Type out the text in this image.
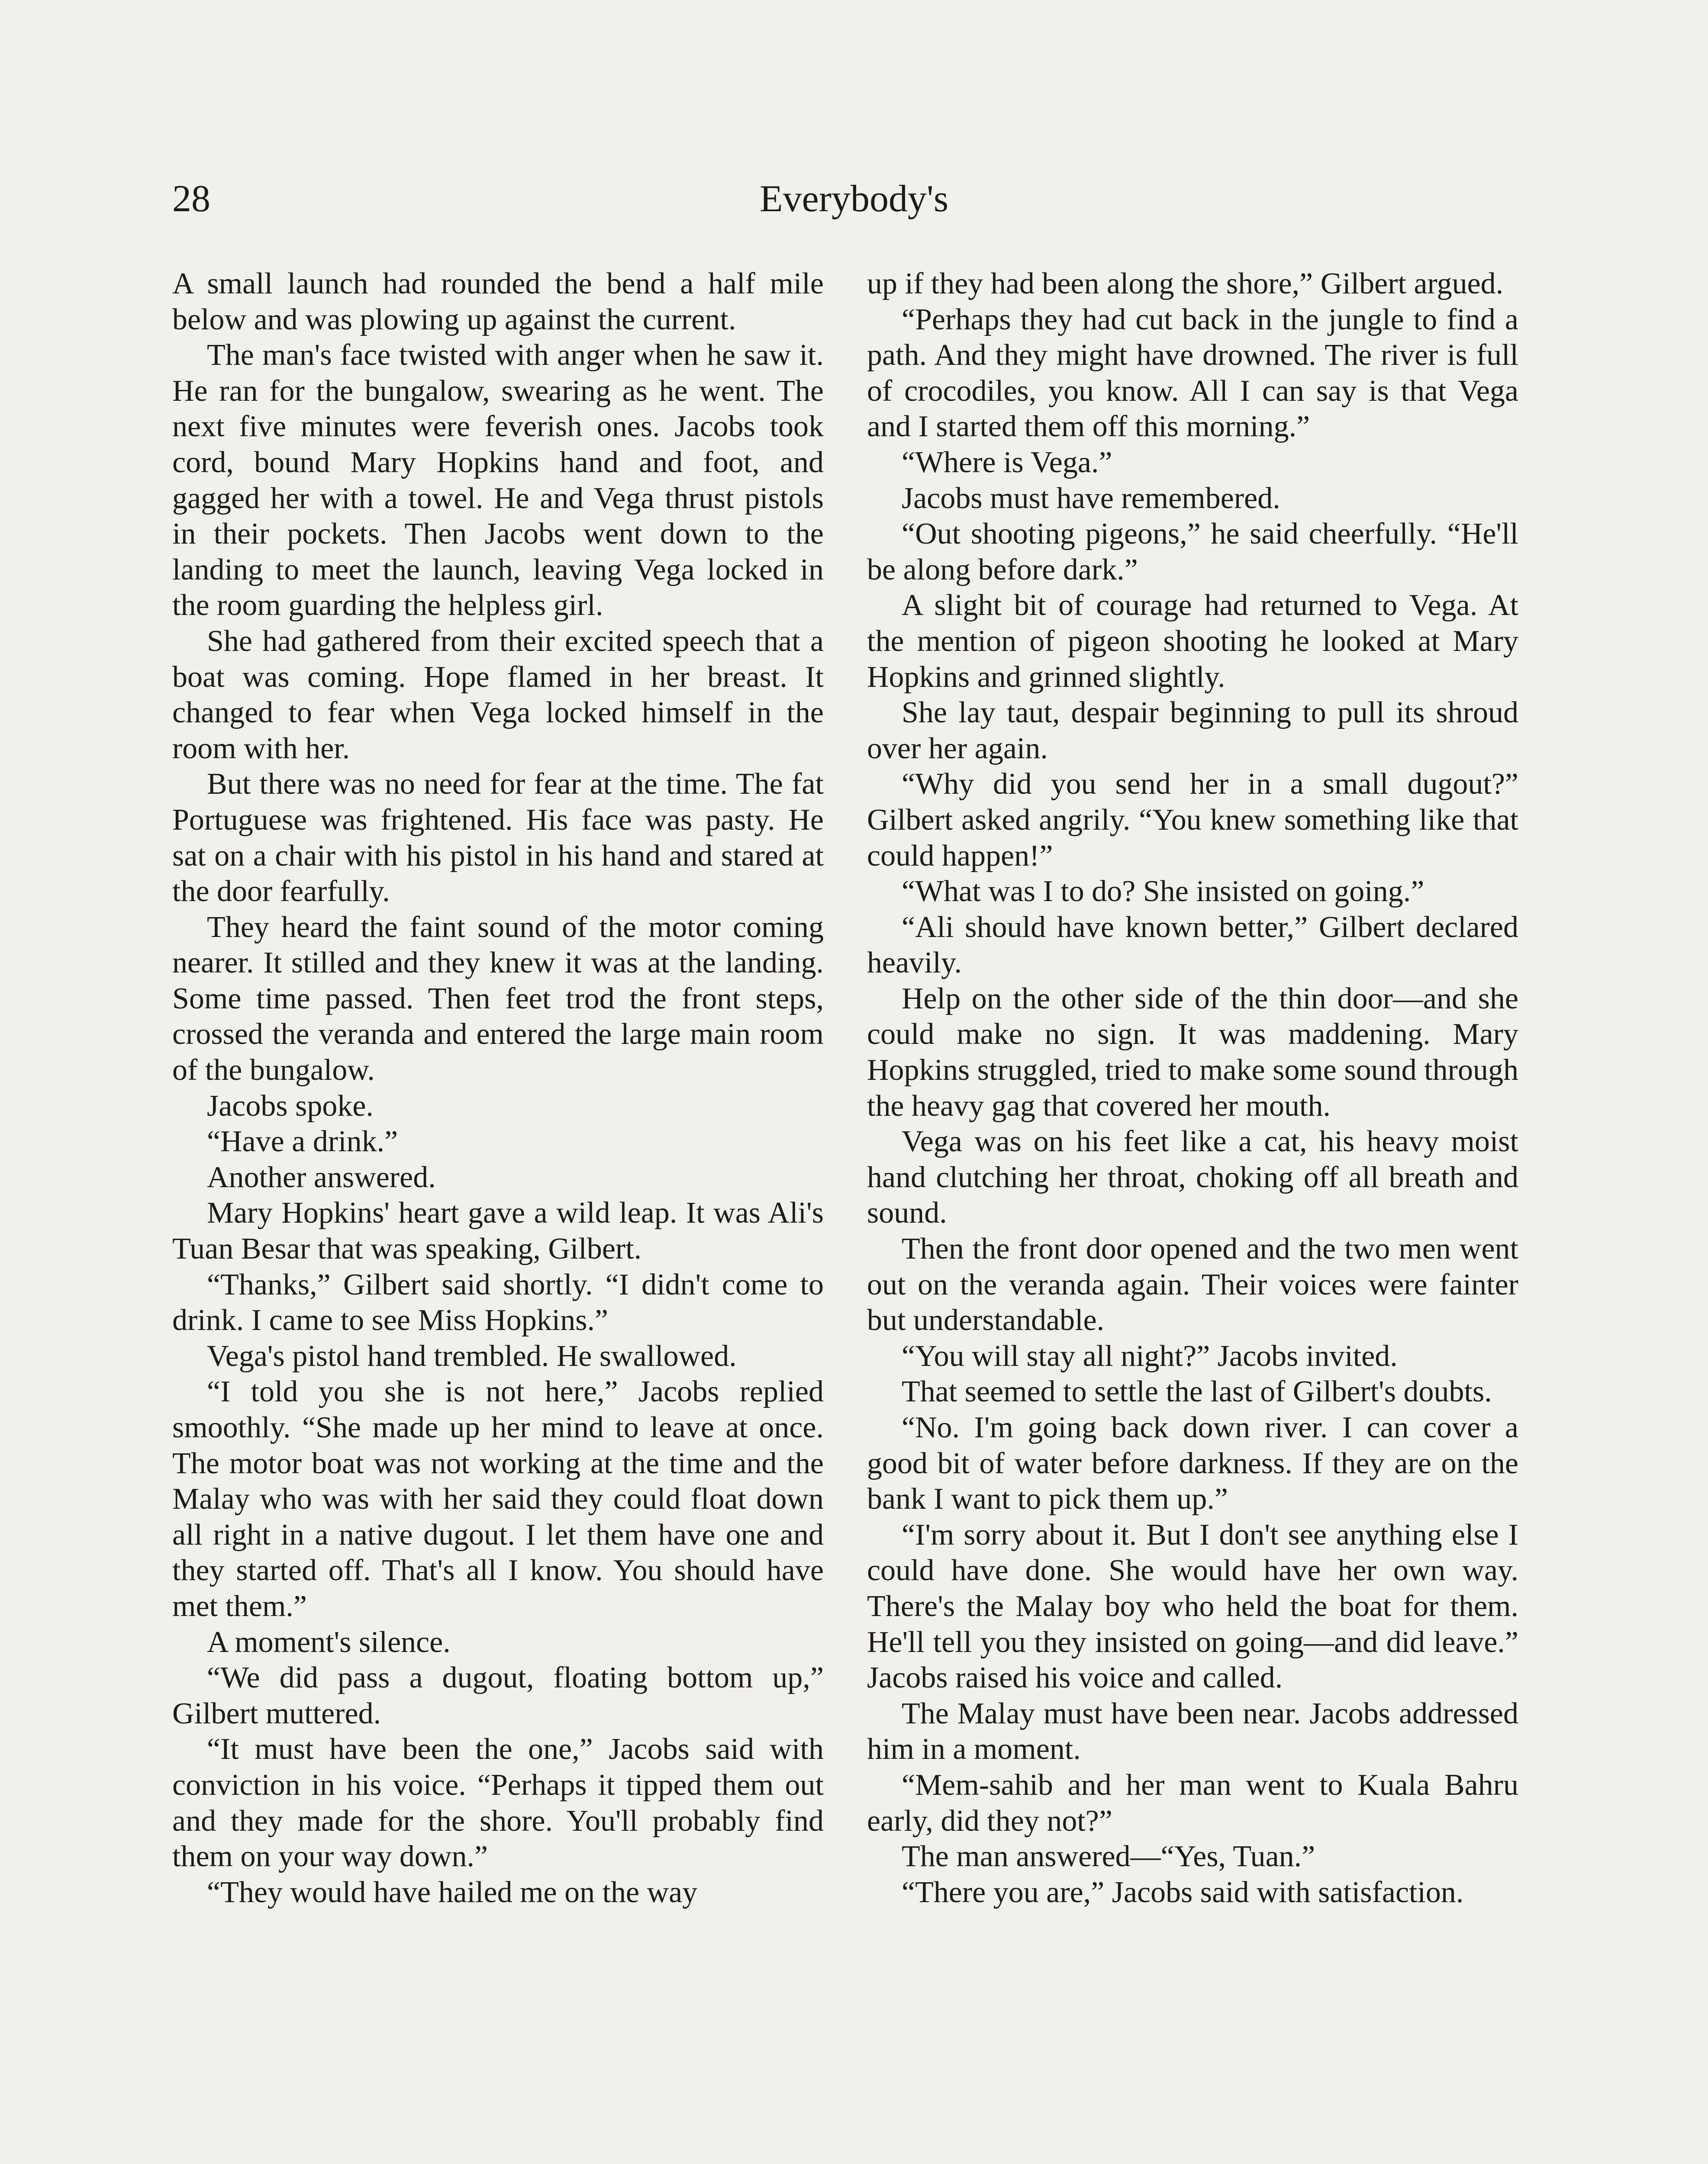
28	Everybody's

A small launch had rounded the bend a half mile below and was plowing up against the current.

The man's face twisted with anger when he saw it. He ran for the bungalow, swearing as he went. The next five minutes were feverish ones. Jacobs took cord, bound Mary Hopkins hand and foot, and gagged her with a towel. He and Vega thrust pistols in their pockets. Then Jacobs went down to the landing to meet the launch, leaving Vega locked in the room guarding the helpless girl.

She had gathered from their excited speech that a boat was coming. Hope flamed in her breast. It changed to fear when Vega locked himself in the room with her.

But there was no need for fear at the time. The fat Portuguese was frightened. His face was pasty. He sat on a chair with his pistol in his hand and stared at the door fearfully.

They heard the faint sound of the motor coming nearer. It stilled and they knew it was at the landing. Some time passed. Then feet trod the front steps, crossed the veranda and entered the large main room of the bungalow.

Jacobs spoke.

“Have a drink.”

Another answered.

Mary Hopkins' heart gave a wild leap. It was Ali's Tuan Besar that was speaking, Gilbert.

“Thanks,” Gilbert said shortly. “I didn't come to drink. I came to see Miss Hopkins.”

Vega's pistol hand trembled. He swallowed.

“I told you she is not here,” Jacobs replied smoothly. “She made up her mind to leave at once. The motor boat was not working at the time and the Malay who was with her said they could float down all right in a native dugout. I let them have one and they started off. That's all I know. You should have met them.”

A moment's silence.

“We did pass a dugout, floating bottom up,” Gilbert muttered.

“It must have been the one,” Jacobs said with conviction in his voice. “Perhaps it tipped them out and they made for the shore. You'll probably find them on your way down.”

“They would have hailed me on the way

up if they had been along the shore,” Gilbert argued.

“Perhaps they had cut back in the jungle to find a path. And they might have drowned. The river is full of crocodiles, you know. All I can say is that Vega and I started them off this morning.”

“Where is Vega.”

Jacobs must have remembered.

“Out shooting pigeons,” he said cheerfully. “He'll be along before dark.”

A slight bit of courage had returned to Vega. At the mention of pigeon shooting he looked at Mary Hopkins and grinned slightly.

She lay taut, despair beginning to pull its shroud over her again.

“Why did you send her in a small dugout?” Gilbert asked angrily. “You knew something like that could happen!”

“What was I to do? She insisted on going.”

“Ali should have known better,” Gilbert declared heavily.

Help on the other side of the thin door—and she could make no sign. It was maddening. Mary Hopkins struggled, tried to make some sound through the heavy gag that covered her mouth.

Vega was on his feet like a cat, his heavy moist hand clutching her throat, choking off all breath and sound.

Then the front door opened and the two men went out on the veranda again. Their voices were fainter but understandable.

“You will stay all night?” Jacobs invited.

That seemed to settle the last of Gilbert's doubts.

“No. I'm going back down river. I can cover a good bit of water before darkness. If they are on the bank I want to pick them up.”

“I'm sorry about it. But I don't see anything else I could have done. She would have her own way. There's the Malay boy who held the boat for them. He'll tell you they insisted on going—and did leave.” Jacobs raised his voice and called.

The Malay must have been near. Jacobs addressed him in a moment.

“Mem-sahib and her man went to Kuala Bahru early, did they not?”

The man answered—“Yes, Tuan.”

“There you are,” Jacobs said with satisfaction.
